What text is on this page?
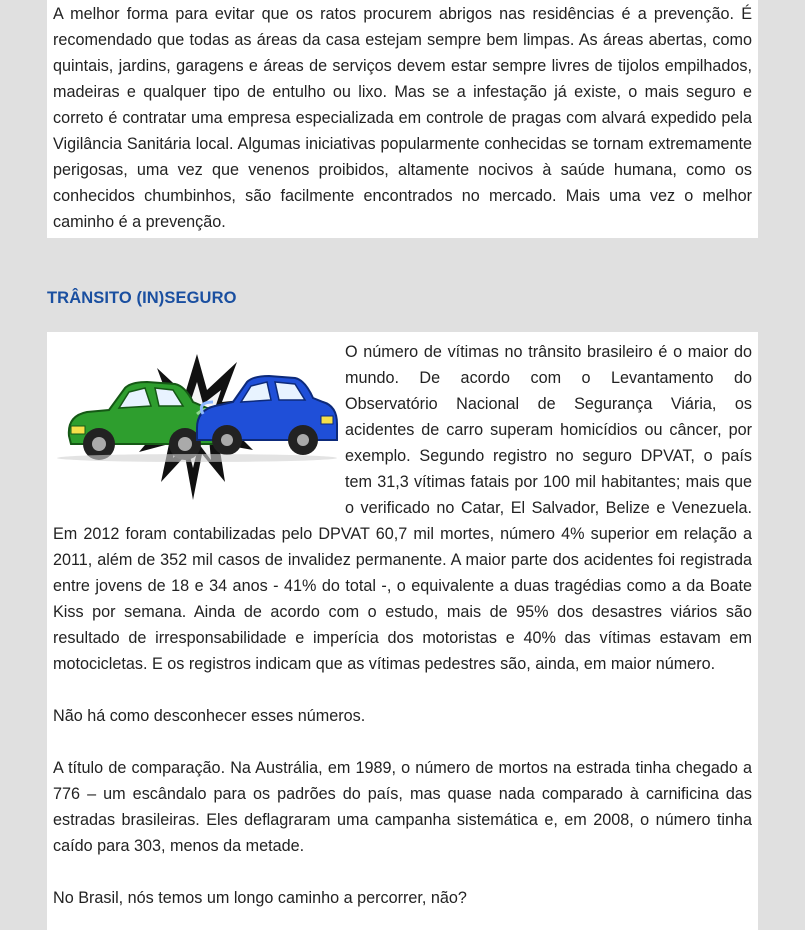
A melhor forma para evitar que os ratos procurem abrigos nas residências é a prevenção. É recomendado que todas as áreas da casa estejam sempre bem limpas. As áreas abertas, como quintais, jardins, garagens e áreas de serviços devem estar sempre livres de tijolos empilhados, madeiras e qualquer tipo de entulho ou lixo. Mas se a infestação já existe, o mais seguro e correto é contratar uma empresa especializada em controle de pragas com alvará expedido pela Vigilância Sanitária local. Algumas iniciativas popularmente conhecidas se tornam extremamente perigosas, uma vez que venenos proibidos, altamente nocivos à saúde humana, como os conhecidos chumbinhos, são facilmente encontrados no mercado. Mais uma vez o melhor caminho é a prevenção.

TRÂNSITO (IN)SEGURO

O número de vítimas no trânsito brasileiro é o maior do mundo. De acordo com o Levantamento do Observatório Nacional de Segurança Viária, os acidentes de carro superam homicídios ou câncer, por exemplo. Segundo registro no seguro DPVAT, o país tem 31,3 vítimas fatais por 100 mil habitantes; mais que o verificado no Catar, El Salvador, Belize e Venezuela. Em 2012 foram contabilizadas pelo DPVAT 60,7 mil mortes, número 4% superior em relação a 2011, além de 352 mil casos de invalidez permanente. A maior parte dos acidentes foi registrada entre jovens de 18 e 34 anos - 41% do total -, o equivalente a duas tragédias como a da Boate Kiss por semana. Ainda de acordo com o estudo, mais de 95% dos desastres viários são resultado de irresponsabilidade e imperícia dos motoristas e 40% das vítimas estavam em motocicletas. E os registros indicam que as vítimas pedestres são, ainda, em maior número.

Não há como desconhecer esses números.

A título de comparação. Na Austrália, em 1989, o número de mortos na estrada tinha chegado a 776 – um escândalo para os padrões do país, mas quase nada comparado à carnificina das estradas brasileiras. Eles deflagraram uma campanha sistemática e, em 2008, o número tinha caído para 303, menos da metade.

No Brasil, nós temos um longo caminho a percorrer, não?
